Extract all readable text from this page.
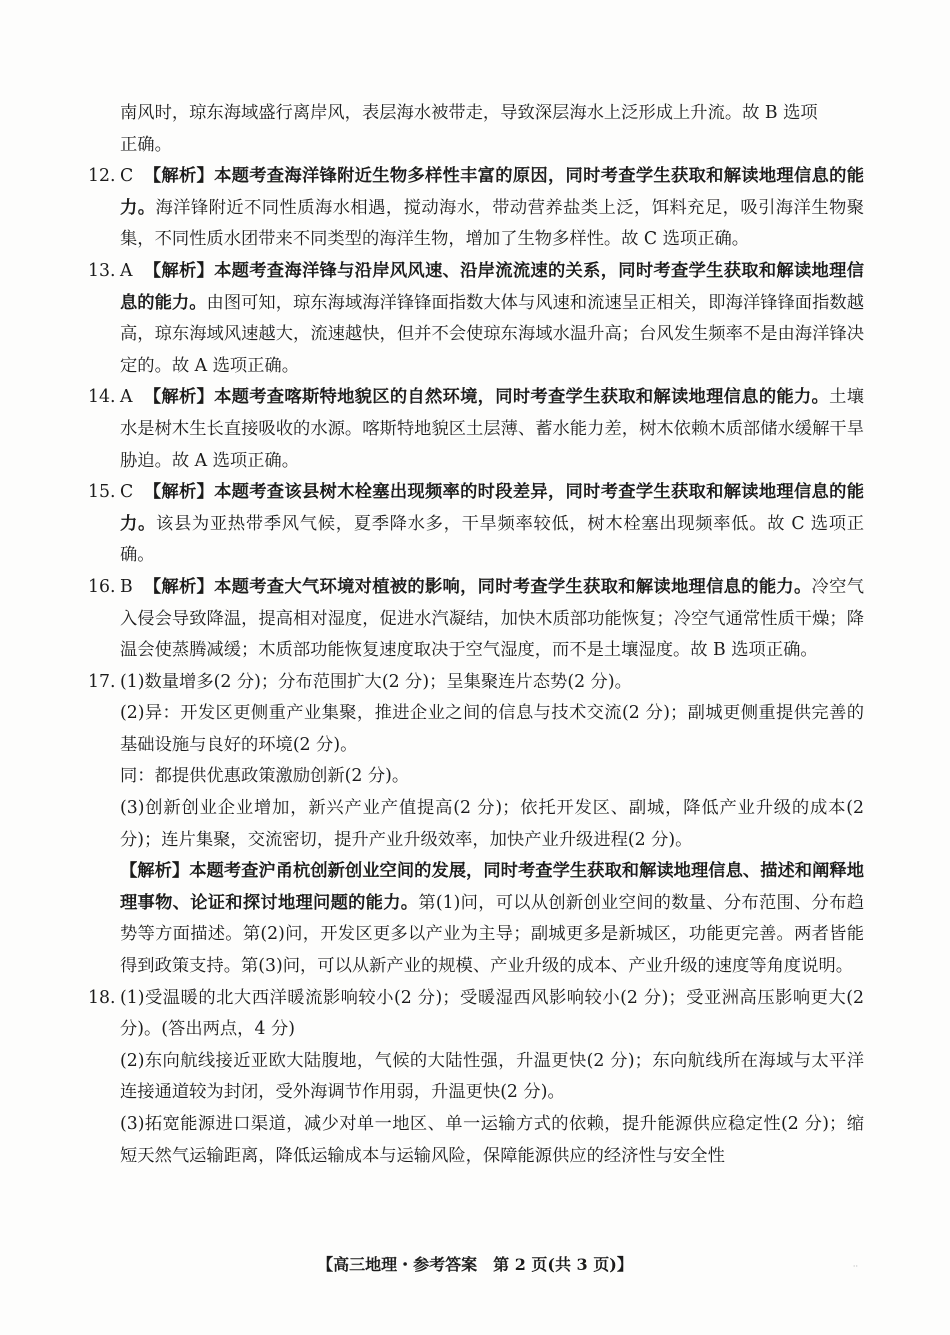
南风时，琼东海域盛行离岸风，表层海水被带走，导致深层海水上泛形成上升流。故 B 选项

正确。

12. C 【解析】本题考查海洋锋附近生物多样性丰富的原因，同时考查学生获取和解读地理信息的能力。海洋锋附近不同性质海水相遇，搅动海水，带动营养盐类上泛，饵料充足，吸引海洋生物聚集，不同性质水团带来不同类型的海洋生物，增加了生物多样性。故 C 选项正确。

13. A 【解析】本题考查海洋锋与沿岸风风速、沿岸流流速的关系，同时考查学生获取和解读地理信息的能力。由图可知，琼东海域海洋锋锋面指数大体与风速和流速呈正相关，即海洋锋锋面指数越高，琼东海域风速越大，流速越快，但并不会使琼东海域水温升高；台风发生频率不是由海洋锋决定的。故 A 选项正确。

14. A 【解析】本题考查喀斯特地貌区的自然环境，同时考查学生获取和解读地理信息的能力。土壤水是树木生长直接吸收的水源。喀斯特地貌区土层薄、蓄水能力差，树木依赖木质部储水缓解干旱胁迫。故 A 选项正确。

15. C 【解析】本题考查该县树木栓塞出现频率的时段差异，同时考查学生获取和解读地理信息的能力。该县为亚热带季风气候，夏季降水多，干旱频率较低，树木栓塞出现频率低。故 C 选项正确。

16. B 【解析】本题考查大气环境对植被的影响，同时考查学生获取和解读地理信息的能力。冷空气入侵会导致降温，提高相对湿度，促进水汽凝结，加快木质部功能恢复；冷空气通常性质干燥；降温会使蒸腾减缓；木质部功能恢复速度取决于空气湿度，而不是土壤湿度。故 B 选项正确。

17. (1)数量增多(2 分)；分布范围扩大(2 分)；呈集聚连片态势(2 分)。

(2)异：开发区更侧重产业集聚，推进企业之间的信息与技术交流(2 分)；副城更侧重提供完善的基础设施与良好的环境(2 分)。

同：都提供优惠政策激励创新(2 分)。

(3)创新创业企业增加，新兴产业产值提高(2 分)；依托开发区、副城，降低产业升级的成本(2 分)；连片集聚，交流密切，提升产业升级效率，加快产业升级进程(2 分)。

【解析】本题考查沪甬杭创新创业空间的发展，同时考查学生获取和解读地理信息、描述和阐释地理事物、论证和探讨地理问题的能力。第(1)问，可以从创新创业空间的数量、分布范围、分布趋势等方面描述。第(2)问，开发区更多以产业为主导；副城更多是新城区，功能更完善。两者皆能得到政策支持。第(3)问，可以从新产业的规模、产业升级的成本、产业升级的速度等角度说明。

18. (1)受温暖的北大西洋暖流影响较小(2 分)；受暖湿西风影响较小(2 分)；受亚洲高压影响更大(2 分)。(答出两点，4 分)

(2)东向航线接近亚欧大陆腹地，气候的大陆性强，升温更快(2 分)；东向航线所在海域与太平洋连接通道较为封闭，受外海调节作用弱，升温更快(2 分)。

(3)拓宽能源进口渠道，减少对单一地区、单一运输方式的依赖，提升能源供应稳定性(2 分)；缩短天然气运输距离，降低运输成本与运输风险，保障能源供应的经济性与安全性

【高三地理・参考答案　第 2 页(共 3 页)】	··
